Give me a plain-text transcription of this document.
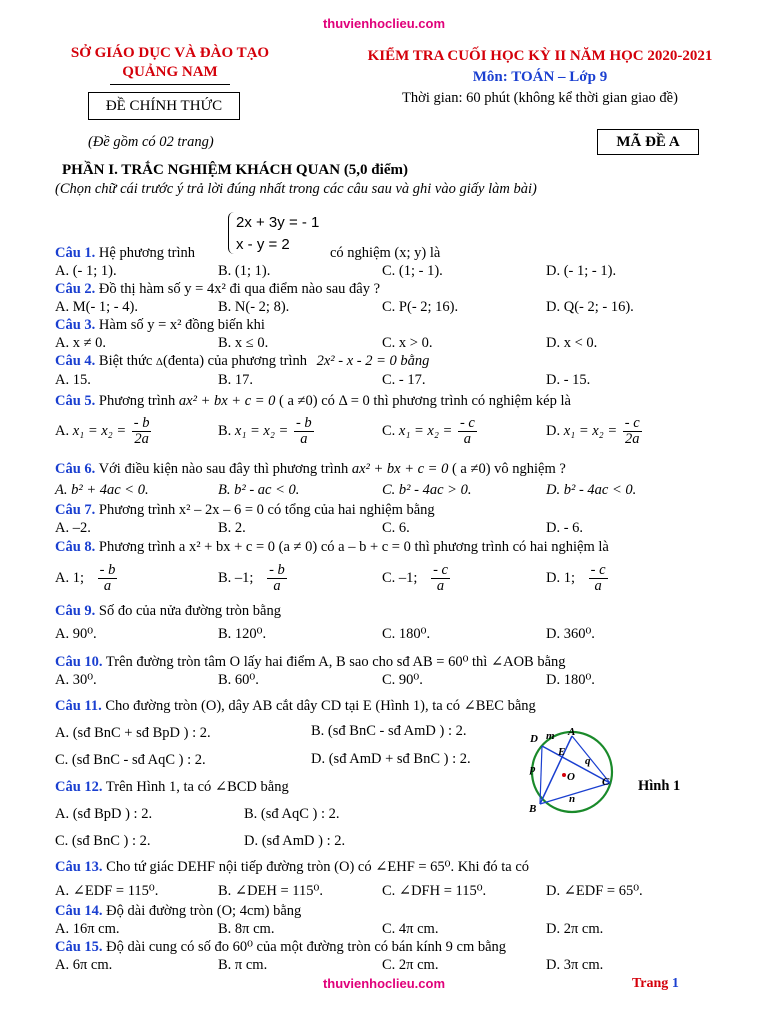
thuvienhoclieu.com
SỞ GIÁO DỤC VÀ ĐÀO TẠO
QUẢNG NAM
ĐỀ CHÍNH THỨC
(Đề gồm có 02 trang)
KIỂM TRA CUỐI HỌC KỲ II NĂM HỌC 2020-2021
Môn: TOÁN – Lớp 9
Thời gian: 60 phút (không kể thời gian giao đề)
MÃ ĐỀ A
PHẦN I. TRẮC NGHIỆM KHÁCH QUAN (5,0 điểm)
(Chọn chữ cái trước ý trả lời đúng nhất trong các câu sau và ghi vào giấy làm bài)
2x + 3y = - 1
x - y = 2
Câu 1. Hệ phương trình	có nghiệm (x; y) là
A. (- 1; 1).	B. (1; 1).	C. (1; - 1).	D. (- 1; - 1).
Câu 2. Đồ thị hàm số y = 4x² đi qua điểm nào sau đây ?
A. M(- 1; - 4).	B. N(- 2; 8).	C. P(- 2; 16).	D. Q(- 2; - 16).
Câu 3. Hàm số y = x² đồng biến khi
A. x ≠ 0.	B. x ≤ 0.	C. x > 0.	D. x < 0.
Câu 4. Biệt thức Δ(đenta) của phương trình 2x² - x - 2 = 0 bằng
A. 15.	B. 17.	C. - 17.	D. - 15.
Câu 5. Phương trình ax² + bx + c = 0 ( a ≠0) có Δ = 0 thì phương trình có nghiệm kép là
A. $x_1 = x_2 = \frac{- b}{2a}$	B. $x_1 = x_2 = \frac{- b}{a}$	C. $x_1 = x_2 = \frac{- c}{a}$	D. $x_1 = x_2 = \frac{- c}{2a}$
Câu 6. Với điều kiện nào sau đây thì phương trình ax² + bx + c = 0 ( a ≠0) vô nghiệm ?
A. b² + 4ac < 0.	B. b² - ac < 0.	C. b² - 4ac > 0.	D. b² - 4ac < 0.
Câu 7. Phương trình x² – 2x – 6 = 0 có tổng của hai nghiệm bằng
A. –2.	B. 2.	C. 6.	D. - 6.
Câu 8. Phương trình a x² + bx + c = 0 (a ≠ 0) có a – b + c = 0 thì phương trình có hai nghiệm là
A. 1; $\frac{- b}{a}$	B. –1; $\frac{- b}{a}$	C. –1; $\frac{- c}{a}$	D. 1; $\frac{- c}{a}$
Câu 9. Số đo của nửa đường tròn bằng
A. 90⁰.	B. 120⁰.	C. 180⁰.	D. 360⁰.
Câu 10. Trên đường tròn tâm O lấy hai điểm A, B sao cho sđ AB = 60⁰ thì ∠AOB bằng
A. 30⁰.	B. 60⁰.	C. 90⁰.	D. 180⁰.
Câu 11. Cho đường tròn (O), dây AB cắt dây CD tại E (Hình 1), ta có ∠BEC bằng
A. (sđ BnC + sđ BpD ) : 2.	B. (sđ BnC - sđ AmD ) : 2.
C. (sđ BnC - sđ AqC ) : 2.	D. (sđ AmD + sđ BnC ) : 2.
D m A
E
q
p
O C
n
B
Hình 1
Câu 12. Trên Hình 1, ta có ∠BCD bằng
A. (sđ BpD ) : 2.	B. (sđ AqC ) : 2.
C. (sđ BnC ) : 2.	D. (sđ AmD ) : 2.
Câu 13. Cho tứ giác DEHF nội tiếp đường tròn (O) có ∠EHF = 65⁰. Khi đó ta có
A. ∠EDF = 115⁰.	B. ∠DEH = 115⁰.	C. ∠DFH = 115⁰.	D. ∠EDF = 65⁰.
Câu 14. Độ dài đường tròn (O; 4cm) bằng
A. 16π cm.	B. 8π cm.	C. 4π cm.	D. 2π cm.
Câu 15. Độ dài cung có số đo 60⁰ của một đường tròn có bán kính 9 cm bằng
A. 6π cm.	B. π cm.	C. 2π cm.	D. 3π cm.
thuvienhoclieu.com	Trang 1
